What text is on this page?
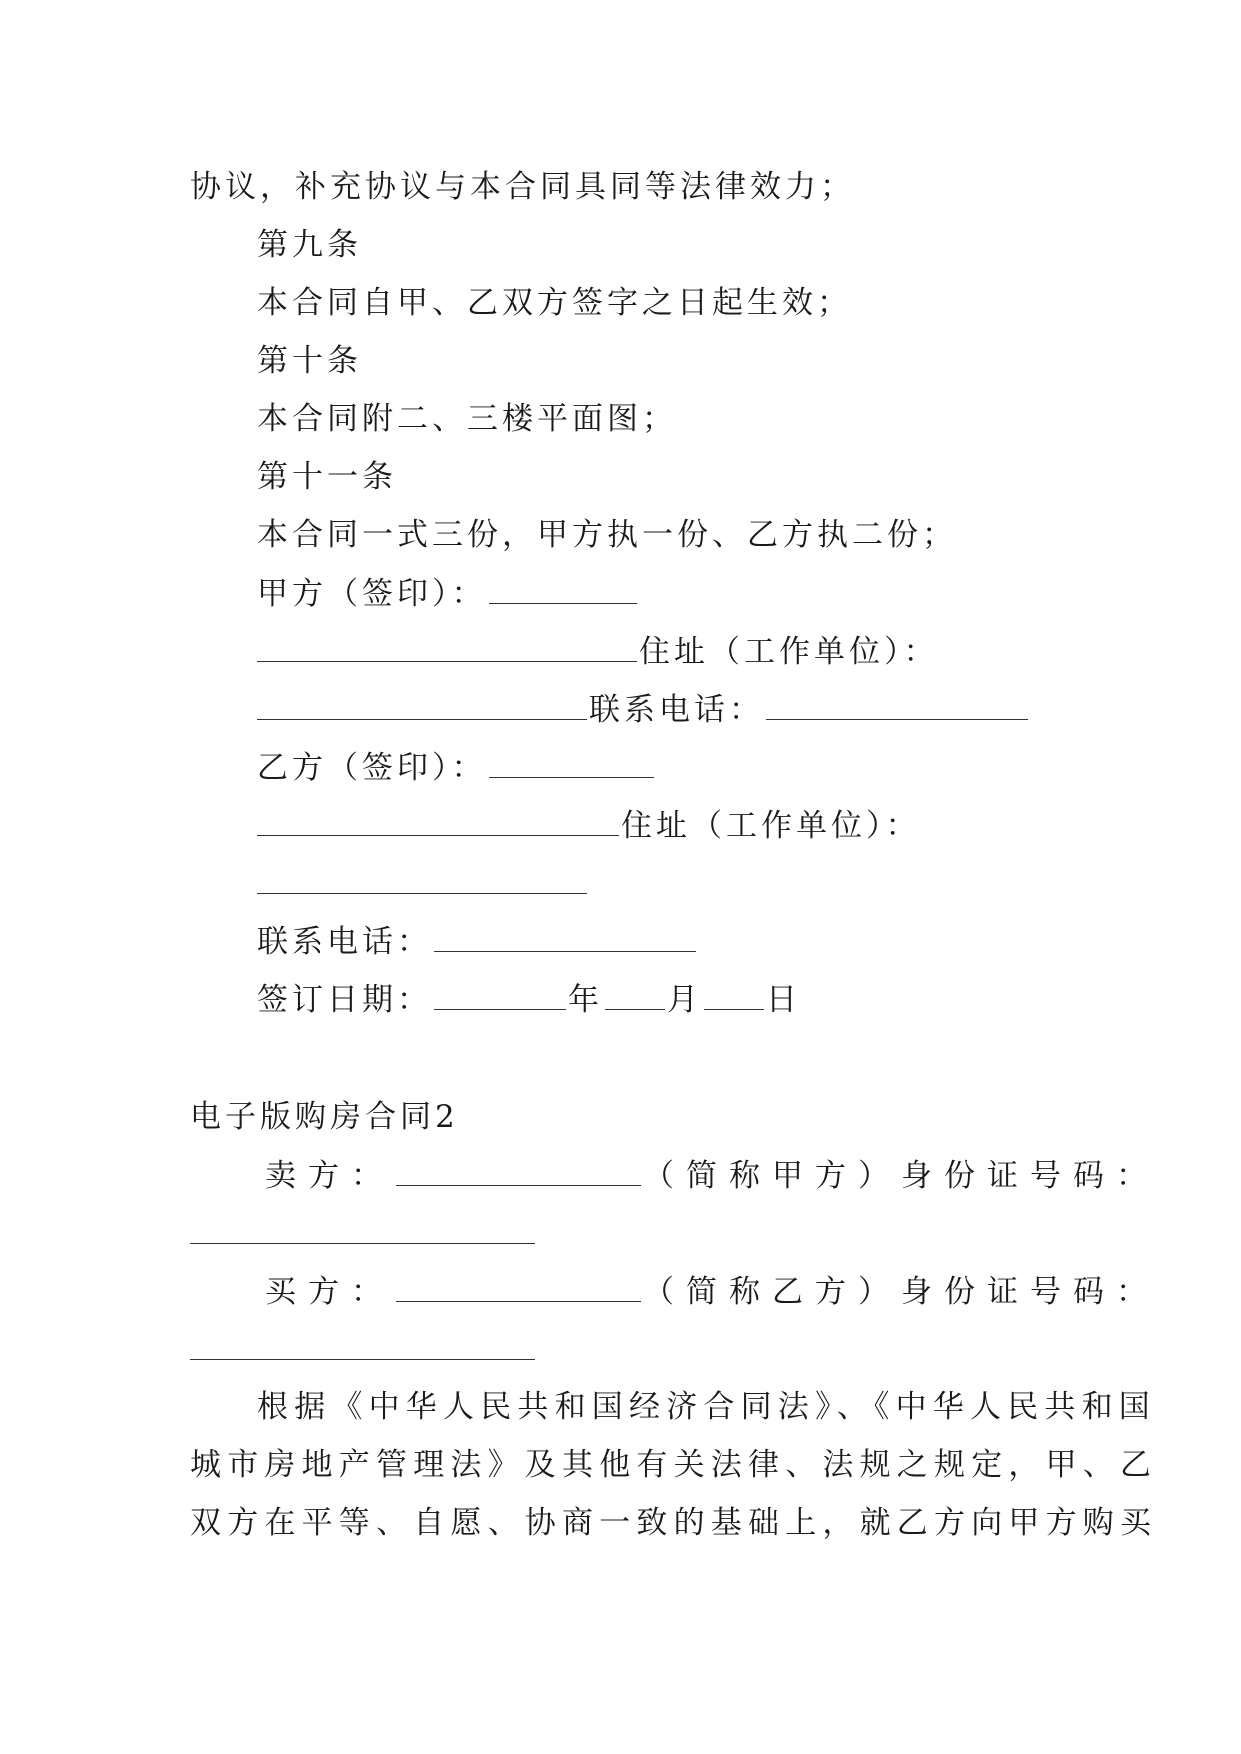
协议，补充协议与本合同具同等法律效力；
第九条
本合同自甲、乙双方签字之日起生效；
第十条
本合同附二、三楼平面图；
第十一条
本合同一式三份，甲方执一份、乙方执二份；
甲方（签印）：
住址（工作单位）：
联系电话：
乙方（签印）：
住址（工作单位）：
联系电话：
签订日期：	年 月 日
电子版购房合同2
卖方：	（简称甲方）身份证号码：
买方：	（简称乙方）身份证号码：
根据《中华人民共和国经济合同法》、《中华人民共和国
城市房地产管理法》及其他有关法律、法规之规定，甲、乙
双方在平等、自愿、协商一致的基础上，就乙方向甲方购买
